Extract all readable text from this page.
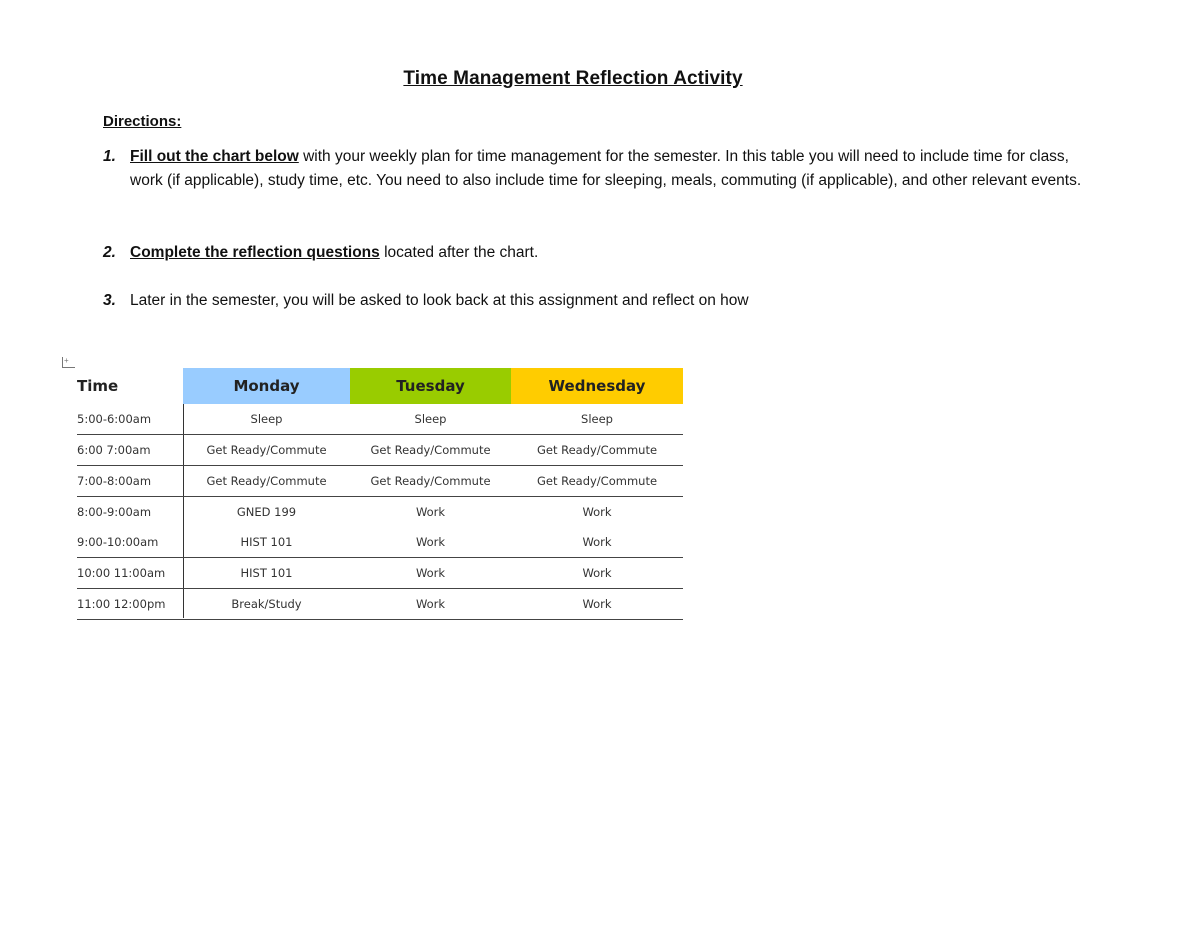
Time Management Reflection Activity
Directions:
1. Fill out the chart below with your weekly plan for time management for the semester. In this table you will need to include time for class, work (if applicable), study time, etc. You need to also include time for sleeping, meals, commuting (if applicable), and other relevant events.
2. Complete the reflection questions located after the chart.
3. Later in the semester, you will be asked to look back at this assignment and reflect on how
+
Time	Monday	Tuesday	Wednesday
5:00-6:00am	Sleep	Sleep	Sleep
6:00 7:00am	Get Ready/Commute	Get Ready/Commute	Get Ready/Commute
7:00-8:00am	Get Ready/Commute	Get Ready/Commute	Get Ready/Commute
8:00-9:00am	GNED 199	Work	Work
9:00-10:00am	HIST 101	Work	Work
10:00 11:00am	HIST 101	Work	Work
11:00 12:00pm	Break/Study	Work	Work
